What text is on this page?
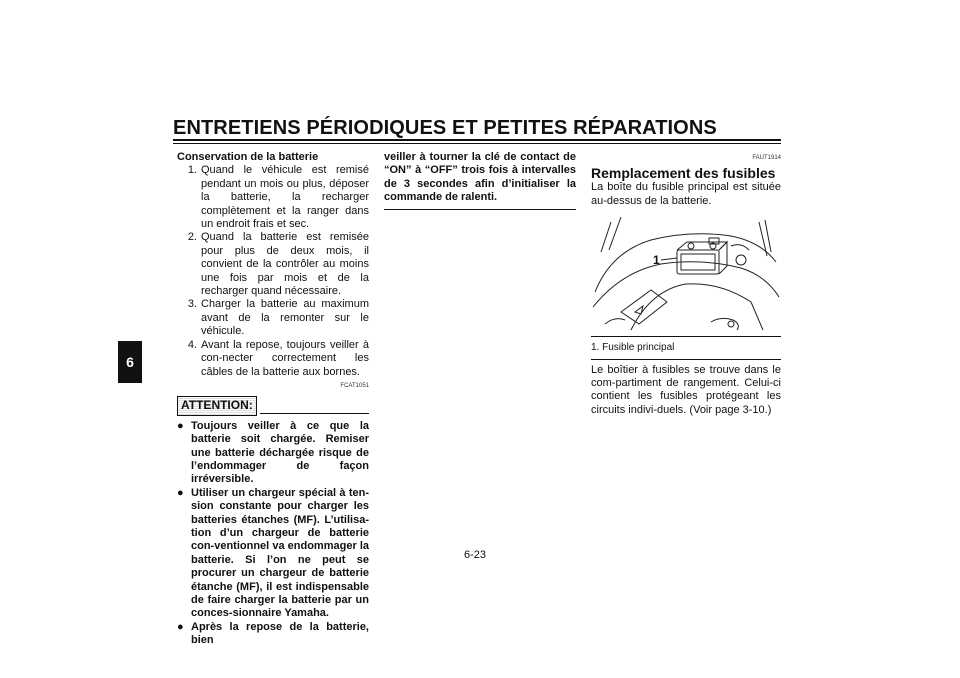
ENTRETIENS PÉRIODIQUES ET PETITES RÉPARATIONS
6
Conservation de la batterie
1. Quand le véhicule est remisé pendant un mois ou plus, déposer la batterie, la recharger complètement et la ranger dans un endroit frais et sec.
2. Quand la batterie est remisée pour plus de deux mois, il convient de la contrôler au moins une fois par mois et de la recharger quand nécessaire.
3. Charger la batterie au maximum avant de la remonter sur le véhicule.
4. Avant la repose, toujours veiller à con-necter correctement les câbles de la batterie aux bornes.
FCAT1051
ATTENTION:
● Toujours veiller à ce que la batterie soit chargée. Remiser une batterie déchargée risque de l’endommager de façon irréversible.
● Utiliser un chargeur spécial à ten-sion constante pour charger les batteries étanches (MF). L’utilisa-tion d’un chargeur de batterie con-ventionnel va endommager la batterie. Si l’on ne peut se procurer un chargeur de batterie étanche (MF), il est indispensable de faire charger la batterie par un conces-sionnaire Yamaha.
● Après la repose de la batterie, bien
veiller à tourner la clé de contact de “ON” à “OFF” trois fois à intervalles de 3 secondes afin d’initialiser la commande de ralenti.
FAUT1914
Remplacement des fusibles
La boîte du fusible principal est située au-dessus de la batterie.
1
1. Fusible principal
Le boîtier à fusibles se trouve dans le com-partiment de rangement. Celui-ci contient les fusibles protégeant les circuits indivi-duels. (Voir page 3-10.)
6-23
